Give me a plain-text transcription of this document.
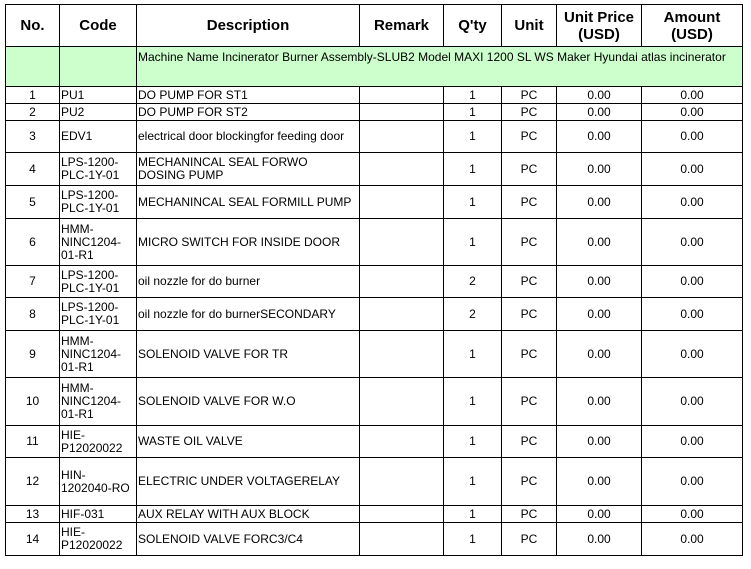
No.	Code	Description	Remark	Q'ty	Unit	Unit Price (USD)	Amount (USD)
		Machine Name Incinerator Burner Assembly-SLUB2 Model MAXI 1200 SL WS Maker Hyundai atlas incinerator					
1	PU1	DO PUMP FOR ST1		1	PC	0.00	0.00
2	PU2	DO PUMP FOR ST2		1	PC	0.00	0.00
3	EDV1	electrical door blockingfor feeding door		1	PC	0.00	0.00
4	LPS-1200-PLC-1Y-01	MECHANINCAL SEAL FORWO DOSING PUMP		1	PC	0.00	0.00
5	LPS-1200-PLC-1Y-01	MECHANINCAL SEAL FORMILL PUMP		1	PC	0.00	0.00
6	HMM-NINC1204-01-R1	MICRO SWITCH FOR INSIDE DOOR		1	PC	0.00	0.00
7	LPS-1200-PLC-1Y-01	oil nozzle for do burner		2	PC	0.00	0.00
8	LPS-1200-PLC-1Y-01	oil nozzle for do burnerSECONDARY		2	PC	0.00	0.00
9	HMM-NINC1204-01-R1	SOLENOID VALVE FOR TR		1	PC	0.00	0.00
10	HMM-NINC1204-01-R1	SOLENOID VALVE FOR W.O		1	PC	0.00	0.00
11	HIE-P12020022	WASTE OIL VALVE		1	PC	0.00	0.00
12	HIN-1202040-RO	ELECTRIC UNDER VOLTAGERELAY		1	PC	0.00	0.00
13	HIF-031	AUX RELAY WITH AUX BLOCK		1	PC	0.00	0.00
14	HIE-P12020022	SOLENOID VALVE FORC3/C4		1	PC	0.00	0.00
